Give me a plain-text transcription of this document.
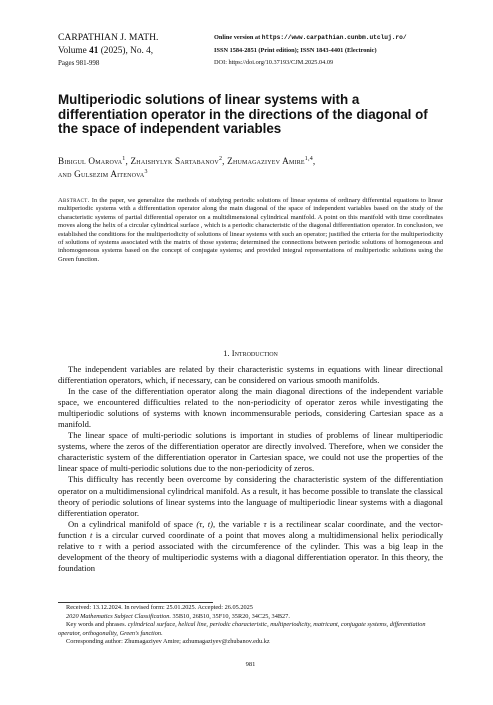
CARPATHIAN J. MATH.
Volume 41 (2025), No. 4,
Pages 981-998
Online version at https://www.carpathian.cunbm.utcluj.ro/
ISSN 1584-2851 (Print edition); ISSN 1843-4401 (Electronic)
DOI: https://doi.org/10.37193/CJM.2025.04.09
Multiperiodic solutions of linear systems with a differentiation operator in the directions of the diagonal of the space of independent variables
Bibigul Omarova$^1$, Zhaishylyk Sartabanov$^2$, Zhumagaziyev Amire$^{1,4}$,
and Gulsezim Aitenova$^3$
Abstract. In the paper, we generalize the methods of studying periodic solutions of linear systems of ordinary differential equations to linear multiperiodic systems with a differentiation operator along the main diagonal of the space of independent variables based on the study of the characteristic systems of partial differential operator on a multidimensional cylindrical manifold. A point on this manifold with time coordinates moves along the helix of a circular cylindrical surface , which is a periodic characteristic of the diagonal differentiation operator. In conclusion, we established the conditions for the multiperiodicity of solutions of linear systems with such an operator; justified the criteria for the multiperiodicity of solutions of systems associated with the matrix of those systems; determined the connections between periodic solutions of homogeneous and inhomogeneous systems based on the concept of conjugate systems; and provided integral representations of multiperiodic solutions using the Green function.
1. Introduction

The independent variables are related by their characteristic systems in equations with linear directional differentiation operators, which, if necessary, can be considered on various smooth manifolds.

In the case of the differentiation operator along the main diagonal directions of the independent variable space, we encountered difficulties related to the non-periodicity of operator zeros while investigating the multiperiodic solutions of systems with known incommensurable periods, considering Cartesian space as a manifold.

The linear space of multi-periodic solutions is important in studies of problems of linear multiperiodic systems, where the zeros of the differentiation operator are directly involved. Therefore, when we consider the characteristic system of the differentiation operator in Cartesian space, we could not use the properties of the linear space of multi-periodic solutions due to the non-periodicity of zeros.

This difficulty has recently been overcome by considering the characteristic system of the differentiation operator on a multidimensional cylindrical manifold. As a result, it has become possible to translate the classical theory of periodic solutions of linear systems into the language of multiperiodic linear systems with a diagonal differentiation operator.

On a cylindrical manifold of space (τ, t), the variable τ is a rectilinear scalar coordinate, and the vector-function t is a circular curved coordinate of a point that moves along a multidimensional helix periodically relative to τ with a period associated with the circumference of the cylinder. This was a big leap in the development of the theory of multiperiodic systems with a diagonal differentiation operator. In this theory, the foundation

Received: 13.12.2024. In revised form: 25.01.2025. Accepted: 26.05.2025

2020 Mathematics Subject Classification. 35B10, 26B10, 35F10, 35R20, 34C25, 34B27.

Key words and phrases. cylindrical surface, helical line, periodic characteristic, multiperiodicity, matricant, conjugate systems, differentiation operator, orthogonality, Green's function.

Corresponding author: Zhumagaziyev Amire; azhumagaziyev@zhubanov.edu.kz

981
